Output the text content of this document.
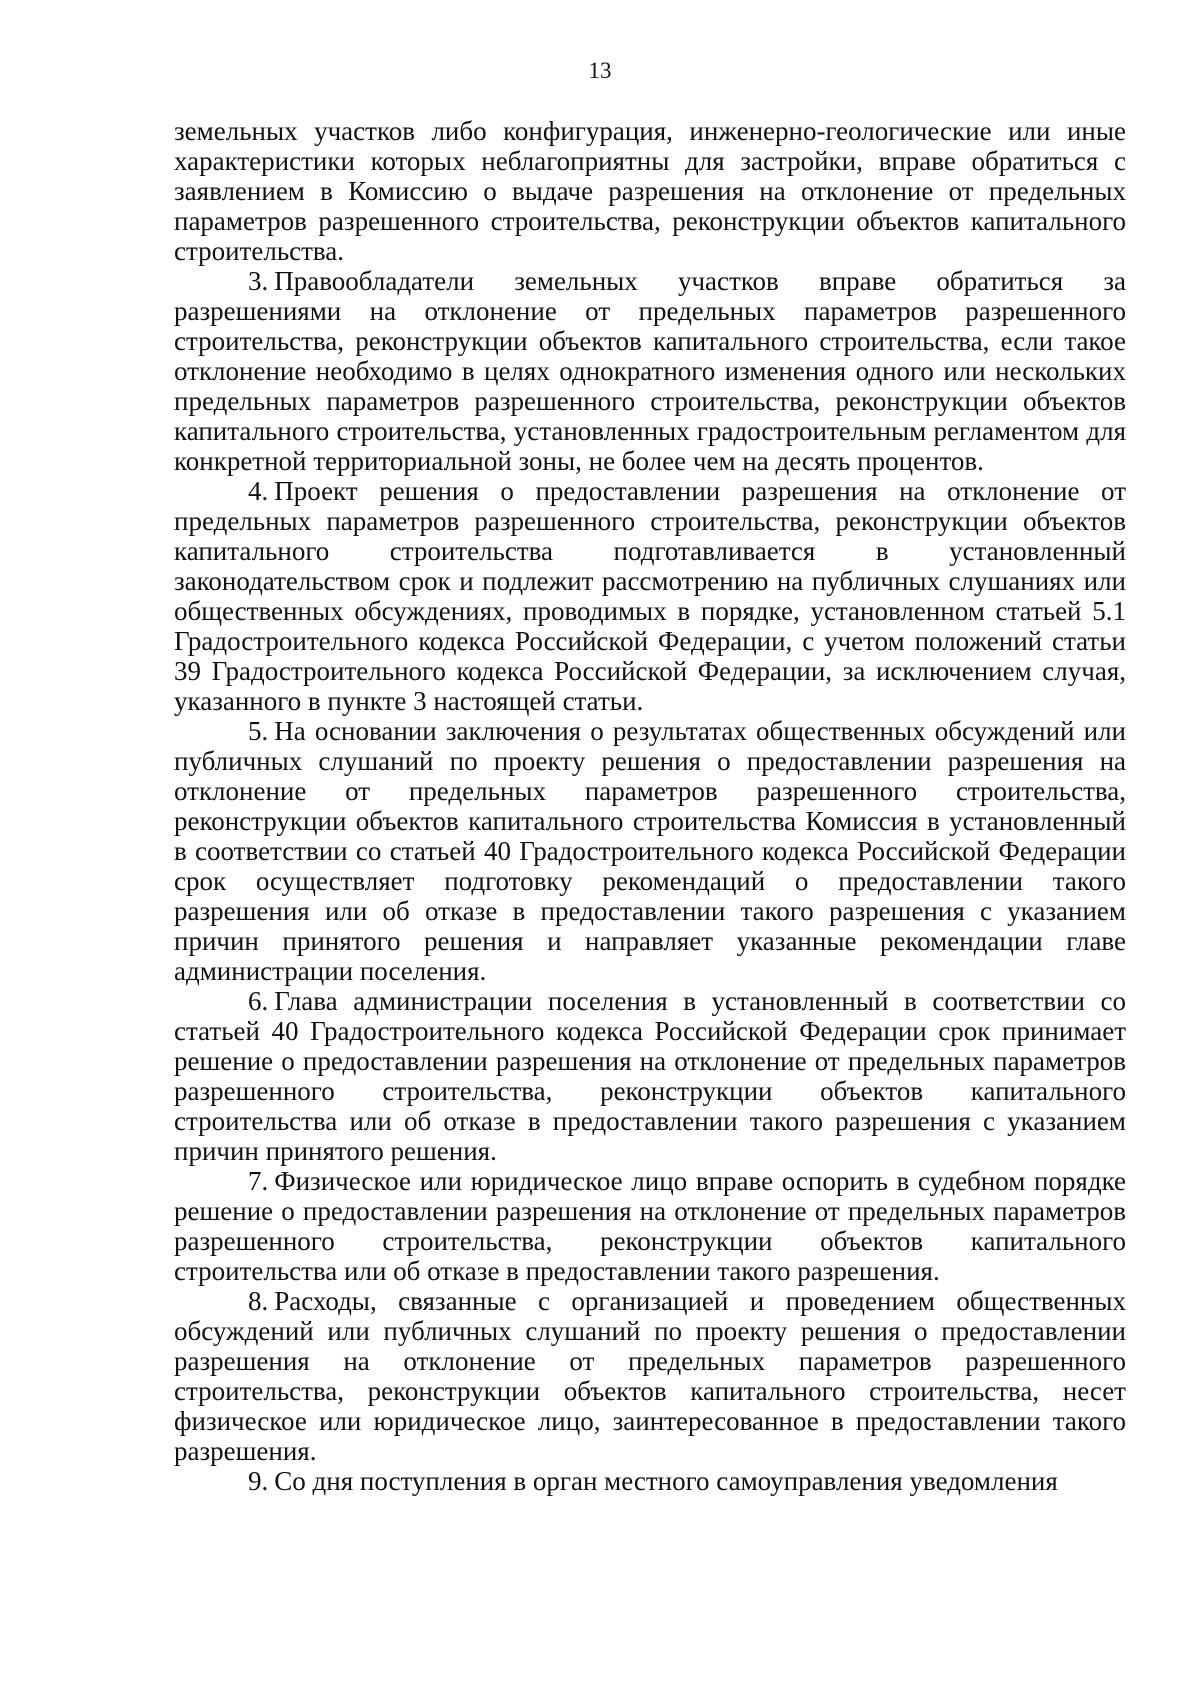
13

земельных участков либо конфигурация, инженерно-геологические или иные характеристики которых неблагоприятны для застройки, вправе обратиться с заявлением в Комиссию о выдаче разрешения на отклонение от предельных параметров разрешенного строительства, реконструкции объектов капитального строительства.

3. Правообладатели земельных участков вправе обратиться за разрешениями на отклонение от предельных параметров разрешенного строительства, реконструкции объектов капитального строительства, если такое отклонение необходимо в целях однократного изменения одного или нескольких предельных параметров разрешенного строительства, реконструкции объектов капитального строительства, установленных градостроительным регламентом для конкретной территориальной зоны, не более чем на десять процентов.

4. Проект решения о предоставлении разрешения на отклонение от предельных параметров разрешенного строительства, реконструкции объектов капитального строительства подготавливается в установленный законодательством срок и подлежит рассмотрению на публичных слушаниях или общественных обсуждениях, проводимых в порядке, установленном статьей 5.1 Градостроительного кодекса Российской Федерации, с учетом положений статьи 39 Градостроительного кодекса Российской Федерации, за исключением случая, указанного в пункте 3 настоящей статьи.

5. На основании заключения о результатах общественных обсуждений или публичных слушаний по проекту решения о предоставлении разрешения на отклонение от предельных параметров разрешенного строительства, реконструкции объектов капитального строительства Комиссия в установленный в соответствии со статьей 40 Градостроительного кодекса Российской Федерации срок осуществляет подготовку рекомендаций о предоставлении такого разрешения или об отказе в предоставлении такого разрешения с указанием причин принятого решения и направляет указанные рекомендации главе администрации поселения.

6. Глава администрации поселения в установленный в соответствии со статьей 40 Градостроительного кодекса Российской Федерации срок принимает решение о предоставлении разрешения на отклонение от предельных параметров разрешенного строительства, реконструкции объектов капитального строительства или об отказе в предоставлении такого разрешения с указанием причин принятого решения.

7. Физическое или юридическое лицо вправе оспорить в судебном порядке решение о предоставлении разрешения на отклонение от предельных параметров разрешенного строительства, реконструкции объектов капитального строительства или об отказе в предоставлении такого разрешения.

8. Расходы, связанные с организацией и проведением общественных обсуждений или публичных слушаний по проекту решения о предоставлении разрешения на отклонение от предельных параметров разрешенного строительства, реконструкции объектов капитального строительства, несет физическое или юридическое лицо, заинтересованное в предоставлении такого разрешения.

9. Со дня поступления в орган местного самоуправления уведомления
